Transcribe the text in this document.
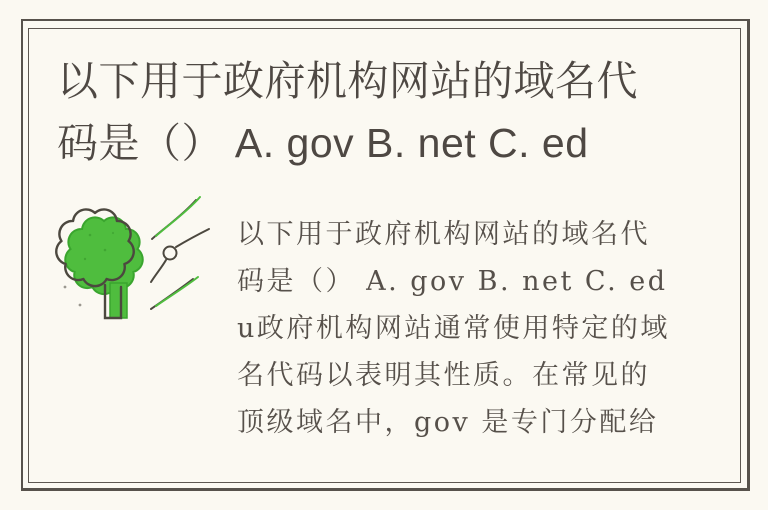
以下用于政府机构网站的域名代
码是（） A. gov B. net C. ed
以下用于政府机构网站的域名代
码是（） A. gov B. net C. ed
u政府机构网站通常使用特定的域
名代码以表明其性质。在常见的
顶级域名中，gov 是专门分配给
